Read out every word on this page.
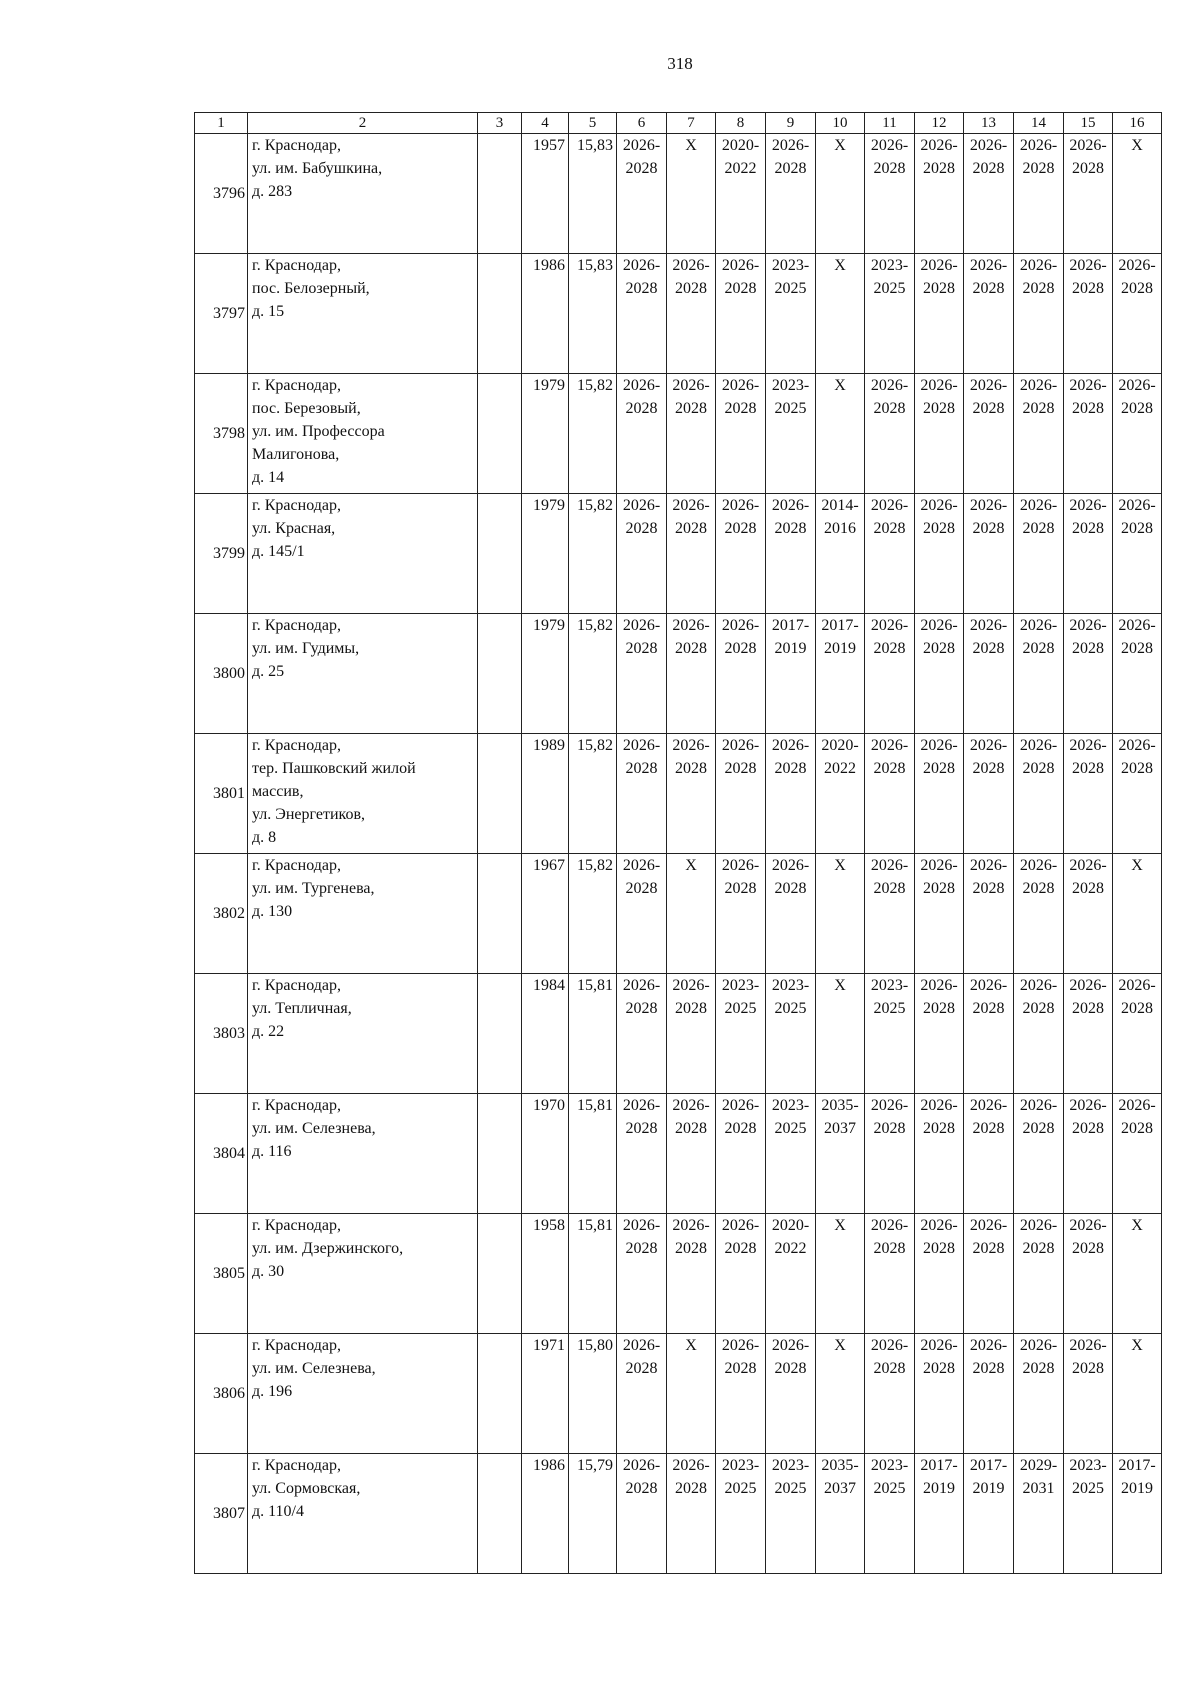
318
1	2	3	4	5	6	7	8	9	10	11	12	13	14	15	16
3796	г. Краснодар,
ул. им. Бабушкина,
д. 283		1957	15,83	2026-
2028	X	2020-
2022	2026-
2028	X	2026-
2028	2026-
2028	2026-
2028	2026-
2028	2026-
2028	X

3797	г. Краснодар,
пос. Белозерный,
д. 15		1986	15,83	2026-
2028	2026-
2028	2026-
2028	2023-
2025	X	2023-
2025	2026-
2028	2026-
2028	2026-
2028	2026-
2028	2026-
2028

3798	г. Краснодар,
пос. Березовый,
ул. им. Профессора
Малигонова,
д. 14		1979	15,82	2026-
2028	2026-
2028	2026-
2028	2023-
2025	X	2026-
2028	2026-
2028	2026-
2028	2026-
2028	2026-
2028	2026-
2028

3799	г. Краснодар,
ул. Красная,
д. 145/1		1979	15,82	2026-
2028	2026-
2028	2026-
2028	2026-
2028	2014-
2016	2026-
2028	2026-
2028	2026-
2028	2026-
2028	2026-
2028	2026-
2028

3800	г. Краснодар,
ул. им. Гудимы,
д. 25		1979	15,82	2026-
2028	2026-
2028	2026-
2028	2017-
2019	2017-
2019	2026-
2028	2026-
2028	2026-
2028	2026-
2028	2026-
2028	2026-
2028

3801	г. Краснодар,
тер. Пашковский жилой
массив,
ул. Энергетиков,
д. 8		1989	15,82	2026-
2028	2026-
2028	2026-
2028	2026-
2028	2020-
2022	2026-
2028	2026-
2028	2026-
2028	2026-
2028	2026-
2028	2026-
2028

3802	г. Краснодар,
ул. им. Тургенева,
д. 130		1967	15,82	2026-
2028	X	2026-
2028	2026-
2028	X	2026-
2028	2026-
2028	2026-
2028	2026-
2028	2026-
2028	X

3803	г. Краснодар,
ул. Тепличная,
д. 22		1984	15,81	2026-
2028	2026-
2028	2023-
2025	2023-
2025	X	2023-
2025	2026-
2028	2026-
2028	2026-
2028	2026-
2028	2026-
2028

3804	г. Краснодар,
ул. им. Селезнева,
д. 116		1970	15,81	2026-
2028	2026-
2028	2026-
2028	2023-
2025	2035-
2037	2026-
2028	2026-
2028	2026-
2028	2026-
2028	2026-
2028	2026-
2028

3805	г. Краснодар,
ул. им. Дзержинского,
д. 30		1958	15,81	2026-
2028	2026-
2028	2026-
2028	2020-
2022	X	2026-
2028	2026-
2028	2026-
2028	2026-
2028	2026-
2028	X

3806	г. Краснодар,
ул. им. Селезнева,
д. 196		1971	15,80	2026-
2028	X	2026-
2028	2026-
2028	X	2026-
2028	2026-
2028	2026-
2028	2026-
2028	2026-
2028	X

3807	г. Краснодар,
ул. Сормовская,
д. 110/4		1986	15,79	2026-
2028	2026-
2028	2023-
2025	2023-
2025	2035-
2037	2023-
2025	2017-
2019	2017-
2019	2029-
2031	2023-
2025	2017-
2019
